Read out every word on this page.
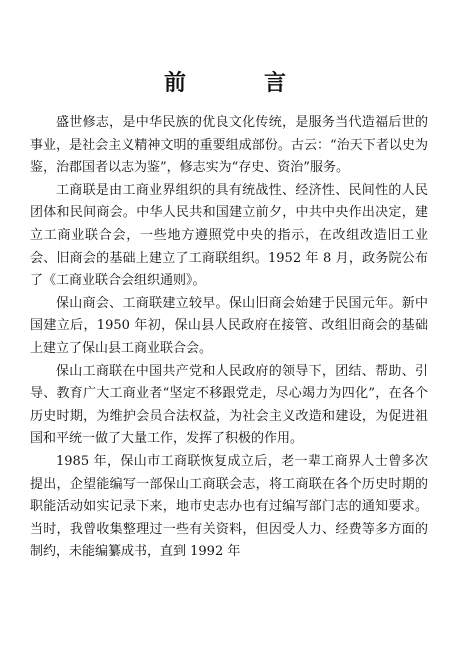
前　言

盛世修志，是中华民族的优良文化传统，是服务当代造福后世的事业，是社会主义精神文明的重要组成部份。古云：“治天下者以史为鉴，治郡国者以志为鉴”，修志实为“存史、资治”服务。

工商联是由工商业界组织的具有统战性、经济性、民间性的人民团体和民间商会。中华人民共和国建立前夕，中共中央作出决定，建立工商业联合会，一些地方遵照党中央的指示，在改组改造旧工业会、旧商会的基础上建立了工商联组织。1952 年 8 月，政务院公布了《工商业联合会组织通则》。

保山商会、工商联建立较早。保山旧商会始建于民国元年。新中国建立后，1950 年初，保山县人民政府在接管、改组旧商会的基础上建立了保山县工商业联合会。

保山工商联在中国共产党和人民政府的领导下，团结、帮助、引导、教育广大工商业者“坚定不移跟党走，尽心竭力为四化”，在各个历史时期，为维护会员合法权益，为社会主义改造和建设，为促进祖国和平统一做了大量工作，发挥了积极的作用。

1985 年，保山市工商联恢复成立后，老一辈工商界人士曾多次提出，企望能编写一部保山工商联会志，将工商联在各个历史时期的职能活动如实记录下来，地市史志办也有过编写部门志的通知要求。当时，我曾收集整理过一些有关资料，但因受人力、经费等多方面的制约，未能编纂成书，直到 1992 年
